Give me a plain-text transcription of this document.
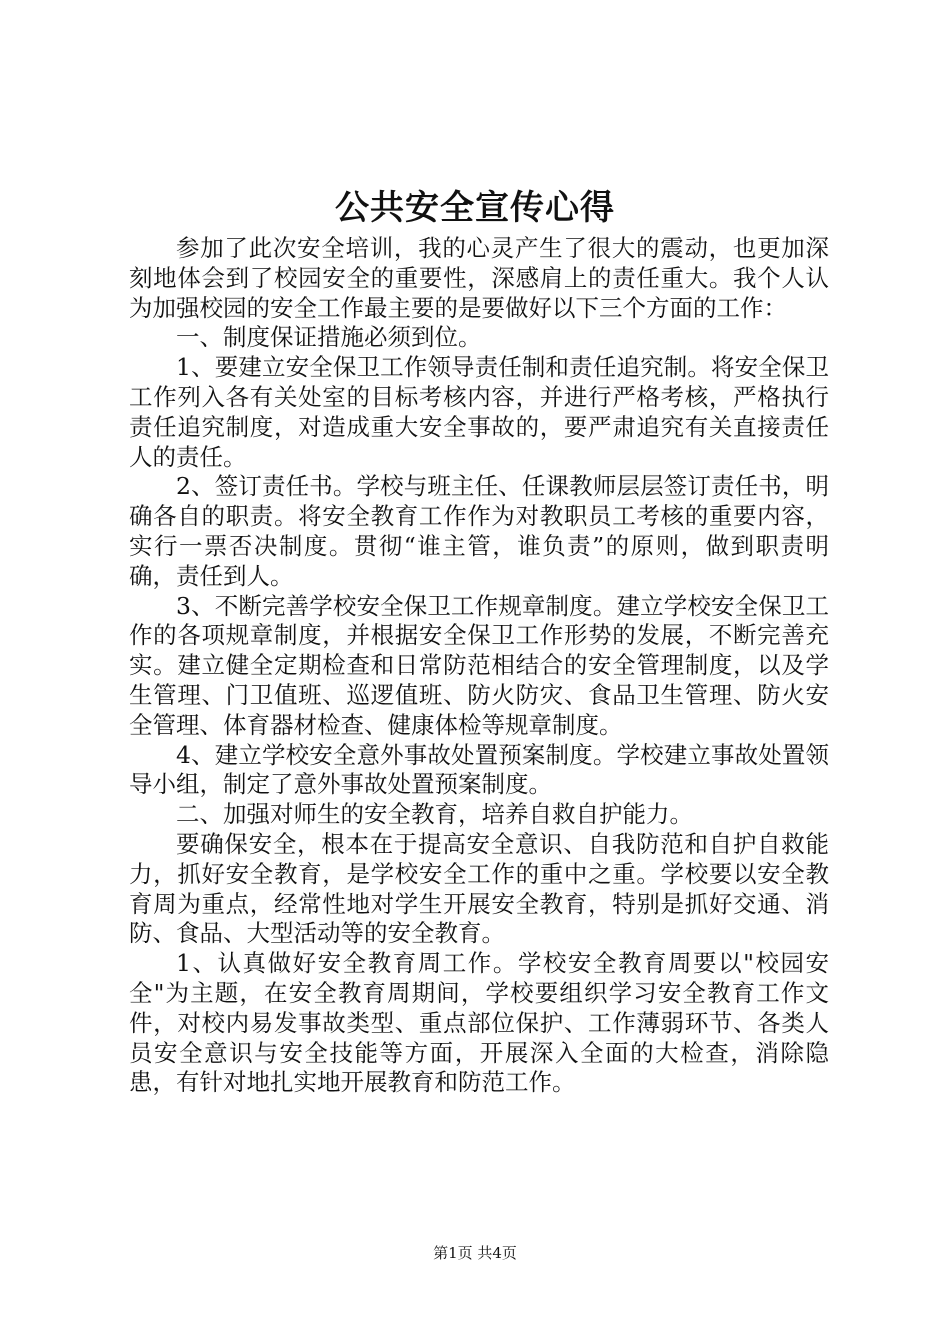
公共安全宣传心得

参加了此次安全培训，我的心灵产生了很大的震动，也更加深刻地体会到了校园安全的重要性，深感肩上的责任重大。我个人认为加强校园的安全工作最主要的是要做好以下三个方面的工作：

一、制度保证措施必须到位。

1、要建立安全保卫工作领导责任制和责任追究制。将安全保卫工作列入各有关处室的目标考核内容，并进行严格考核，严格执行责任追究制度，对造成重大安全事故的，要严肃追究有关直接责任人的责任。

2、签订责任书。学校与班主任、任课教师层层签订责任书，明确各自的职责。将安全教育工作作为对教职员工考核的重要内容，实行一票否决制度。贯彻“谁主管，谁负责”的原则，做到职责明确，责任到人。

3、不断完善学校安全保卫工作规章制度。建立学校安全保卫工作的各项规章制度，并根据安全保卫工作形势的发展，不断完善充实。建立健全定期检查和日常防范相结合的安全管理制度，以及学生管理、门卫值班、巡逻值班、防火防灾、食品卫生管理、防火安全管理、体育器材检查、健康体检等规章制度。

4、建立学校安全意外事故处置预案制度。学校建立事故处置领导小组，制定了意外事故处置预案制度。

二、加强对师生的安全教育，培养自救自护能力。

要确保安全，根本在于提高安全意识、自我防范和自护自救能力，抓好安全教育，是学校安全工作的重中之重。学校要以安全教育周为重点，经常性地对学生开展安全教育，特别是抓好交通、消防、食品、大型活动等的安全教育。

1、认真做好安全教育周工作。学校安全教育周要以"校园安全"为主题，在安全教育周期间，学校要组织学习安全教育工作文件，对校内易发事故类型、重点部位保护、工作薄弱环节、各类人员安全意识与安全技能等方面，开展深入全面的大检查，消除隐患，有针对地扎实地开展教育和防范工作。

第1页 共4页
